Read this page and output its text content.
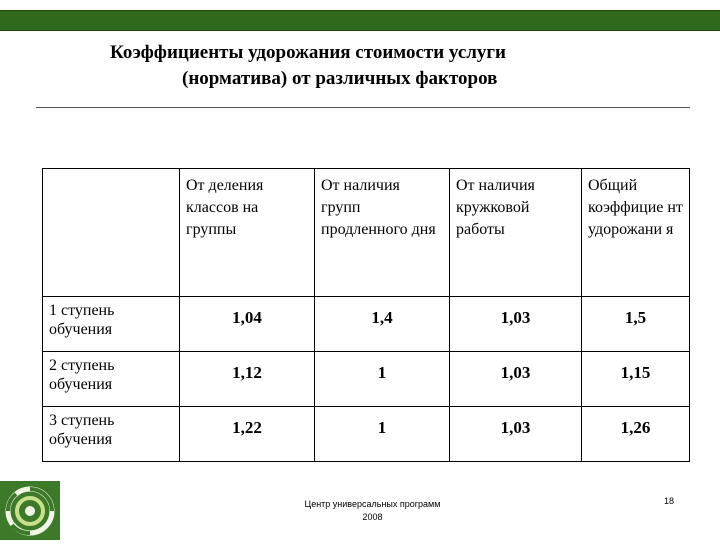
Коэффициенты удорожания стоимости услуги
(норматива) от различных факторов
	От деления классов на группы	От наличия групп продленного дня	От наличия кружковой работы	Общий коэффицие нт удорожани я
1 ступень обучения	1,04	1,4	1,03	1,5
2 ступень обучения	1,12	1	1,03	1,15
3 ступень обучения	1,22	1	1,03	1,26
Центр универсальных программ
2008
18
